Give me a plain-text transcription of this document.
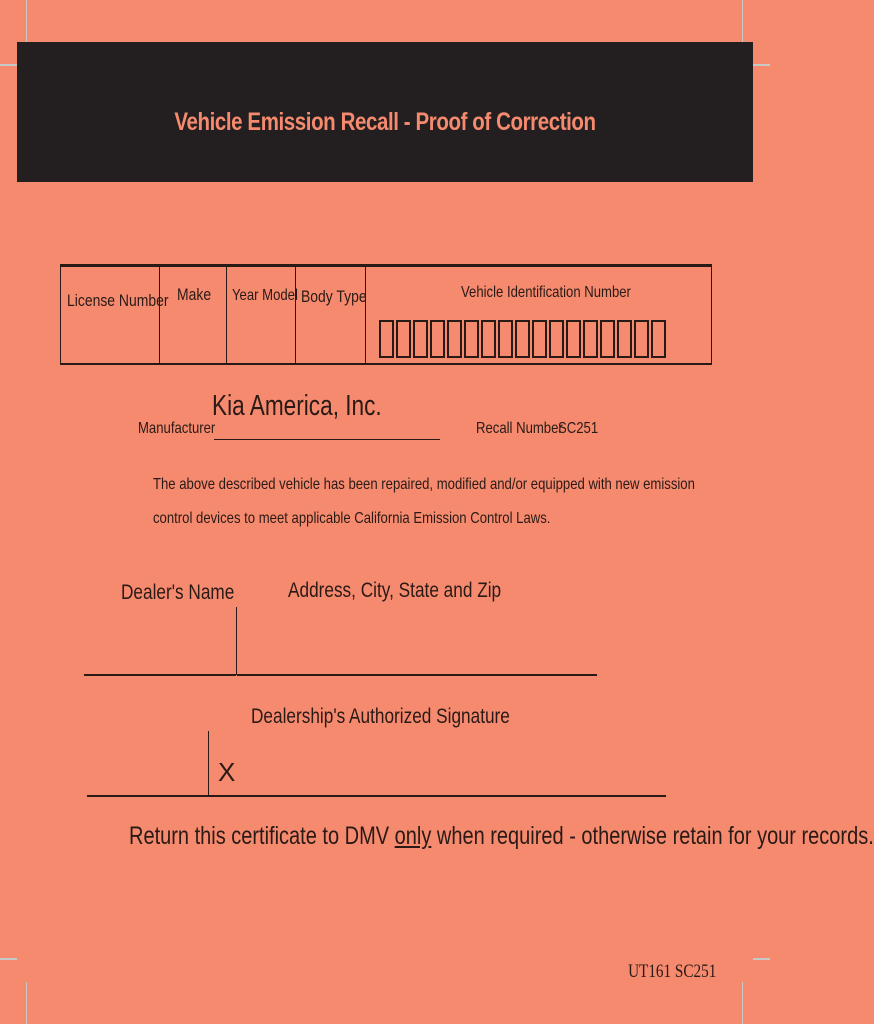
Vehicle Emission Recall - Proof of Correction
License Number Make Year Model Body Type	Vehicle Identification Number
Manufacturer
Kia America, Inc.
Recall Number
SC251
The above described vehicle has been repaired, modified and/or equipped with new emission
control devices to meet applicable California Emission Control Laws.
Dealer's Name	Address, City, State and Zip
Dealership's Authorized Signature
X
Return this certificate to DMV only when required - otherwise retain for your records.
UT161 SC251
